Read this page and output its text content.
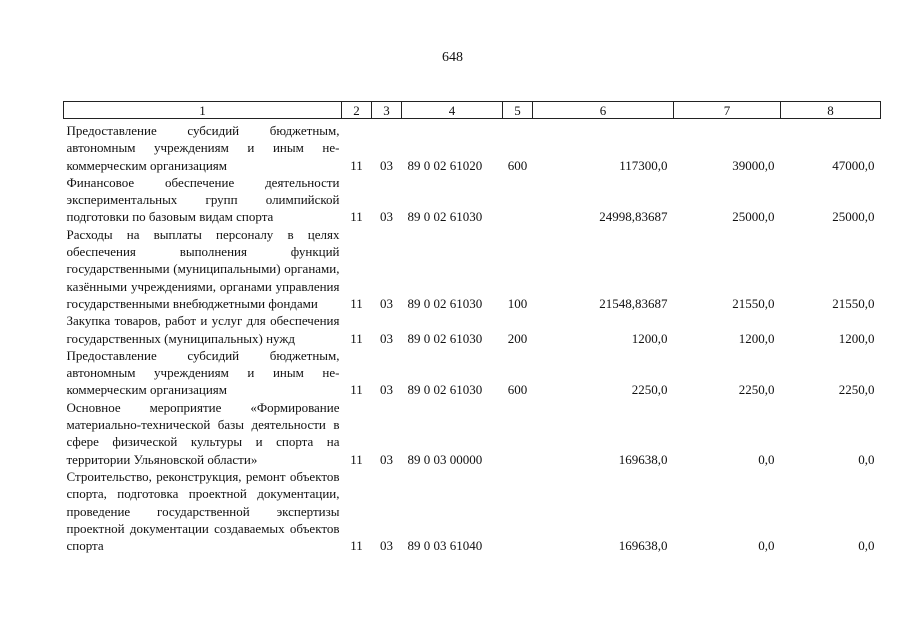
648
1	2	3	4	5	6	7	8
Предоставление субсидий бюджетным, автономным учреждениям и иным не-коммерческим организациям	11	03	89 0 02 61020	600	117300,0	39000,0	47000,0
Финансовое обеспечение деятельности экспериментальных групп олимпийской подготовки по базовым видам спорта	11	03	89 0 02 61030		24998,83687	25000,0	25000,0
Расходы на выплаты персоналу в целях обеспечения выполнения функций государственными (муниципальными) органами, казёнными учреждениями, органами управления государственными внебюджетными фондами	11	03	89 0 02 61030	100	21548,83687	21550,0	21550,0
Закупка товаров, работ и услуг для обеспечения государственных (муниципальных) нужд	11	03	89 0 02 61030	200	1200,0	1200,0	1200,0
Предоставление субсидий бюджетным, автономным учреждениям и иным не-коммерческим организациям	11	03	89 0 02 61030	600	2250,0	2250,0	2250,0
Основное мероприятие «Формирование материально-технической базы деятельности в сфере физической культуры и спорта на территории Ульяновской области»	11	03	89 0 03 00000		169638,0	0,0	0,0
Строительство, реконструкция, ремонт объектов спорта, подготовка проектной документации, проведение государственной экспертизы проектной документации создаваемых объектов спорта	11	03	89 0 03 61040		169638,0	0,0	0,0
